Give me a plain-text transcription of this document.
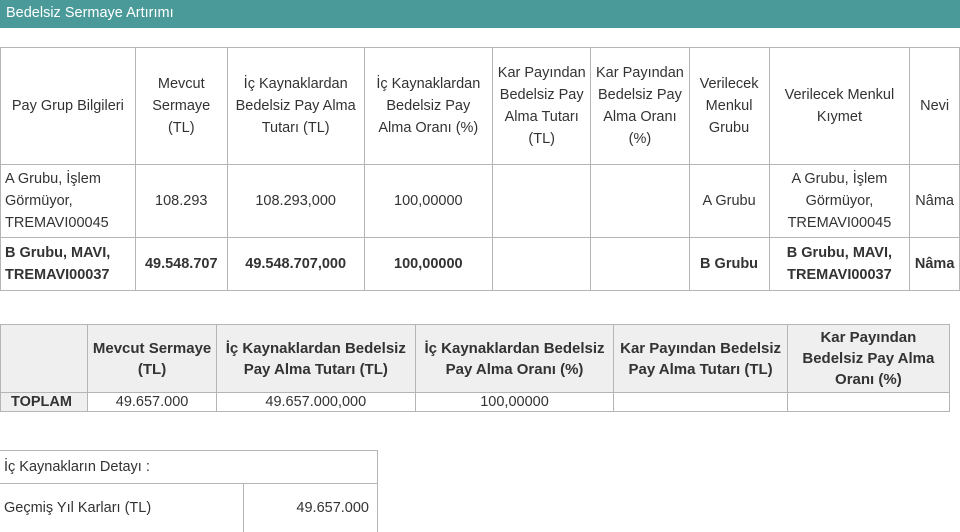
Bedelsiz Sermaye Artırımı
Pay Grup Bilgileri	Mevcut Sermaye (TL)	İç Kaynaklardan Bedelsiz Pay Alma Tutarı (TL)	İç Kaynaklardan Bedelsiz Pay Alma Oranı (%)	Kar Payından Bedelsiz Pay Alma Tutarı (TL)	Kar Payından Bedelsiz Pay Alma Oranı (%)	Verilecek Menkul Grubu	Verilecek Menkul Kıymet	Nevi
A Grubu, İşlem Görmüyor, TREMAVI00045	108.293	108.293,000	100,00000			A Grubu	A Grubu, İşlem Görmüyor, TREMAVI00045	Nâma
B Grubu, MAVI, TREMAVI00037	49.548.707	49.548.707,000	100,00000			B Grubu	B Grubu, MAVI, TREMAVI00037	Nâma
	Mevcut Sermaye (TL)	İç Kaynaklardan Bedelsiz Pay Alma Tutarı (TL)	İç Kaynaklardan Bedelsiz Pay Alma Oranı (%)	Kar Payından Bedelsiz Pay Alma Tutarı (TL)	Kar Payından Bedelsiz Pay Alma Oranı (%)
TOPLAM	49.657.000	49.657.000,000	100,00000		
İç Kaynakların Detayı :
Geçmiş Yıl Karları (TL)	49.657.000
